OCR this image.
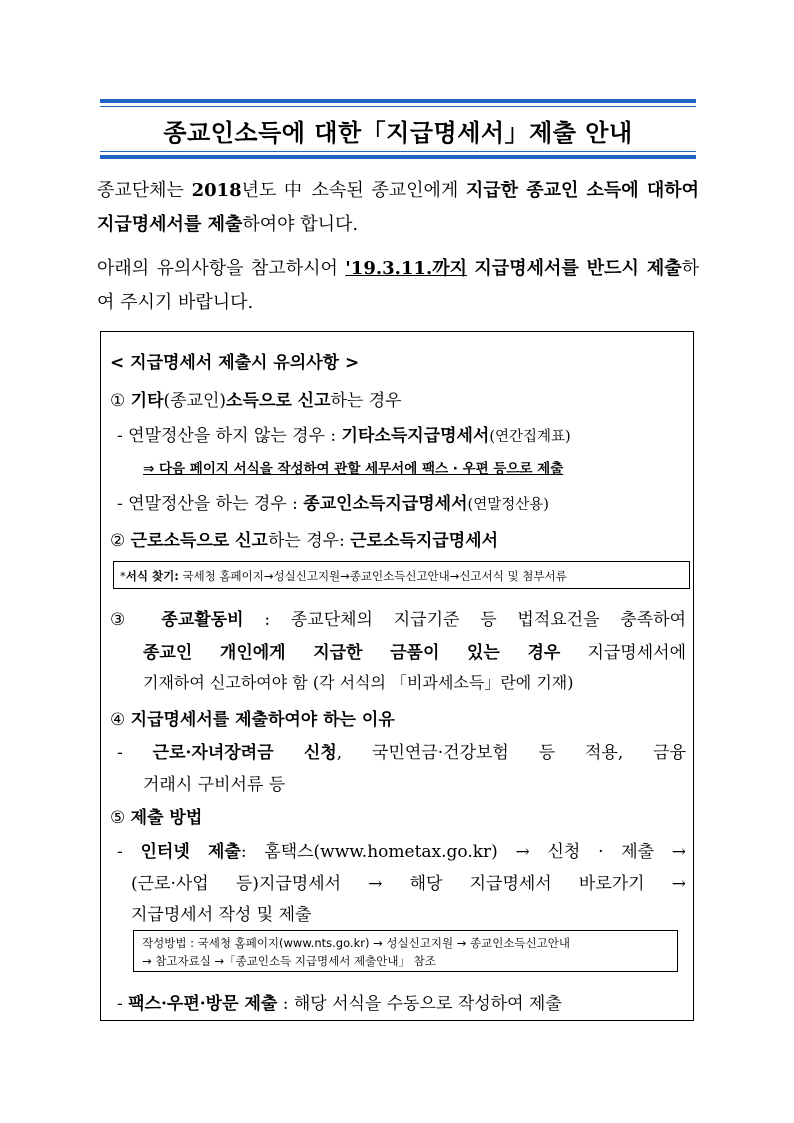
종교인소득에 대한「지급명세서」제출 안내

종교단체는 2018년도 中 소속된 종교인에게 지급한 종교인 소득에 대하여 지급명세서를 제출하여야 합니다.

아래의 유의사항을 참고하시어 '19.3.11.까지 지급명세서를 반드시 제출하여 주시기 바랍니다.

< 지급명세서 제출시 유의사항 >
① 기타(종교인)소득으로 신고하는 경우
- 연말정산을 하지 않는 경우 : 기타소득지급명세서(연간집계표)
⇒ 다음 페이지 서식을 작성하여 관할 세무서에 팩스 · 우편 등으로 제출
- 연말정산을 하는 경우 : 종교인소득지급명세서(연말정산용)
② 근로소득으로 신고하는 경우: 근로소득지급명세서
*서식 찾기: 국세청 홈페이지→성실신고지원→종교인소득신고안내→신고서식 및 첨부서류
③ 종교활동비 : 종교단체의 지급기준 등 법적요건을 충족하여
종교인 개인에게 지급한 금품이 있는 경우 지급명세서에
기재하여 신고하여야 함 (각 서식의 「비과세소득」란에 기재)
④ 지급명세서를 제출하여야 하는 이유
- 근로·자녀장려금 신청, 국민연금·건강보험 등 적용, 금융
거래시 구비서류 등
⑤ 제출 방법
- 인터넷 제출: 홈택스(www.hometax.go.kr) → 신청 · 제출 →
(근로·사업 등)지급명세서 → 해당 지급명세서 바로가기 →
지급명세서 작성 및 제출
작성방법 : 국세청 홈페이지(www.nts.go.kr) → 성실신고지원 → 종교인소득신고안내
→ 참고자료실 →「종교인소득 지급명세서 제출안내」 참조
- 팩스·우편·방문 제출 : 해당 서식을 수동으로 작성하여 제출
